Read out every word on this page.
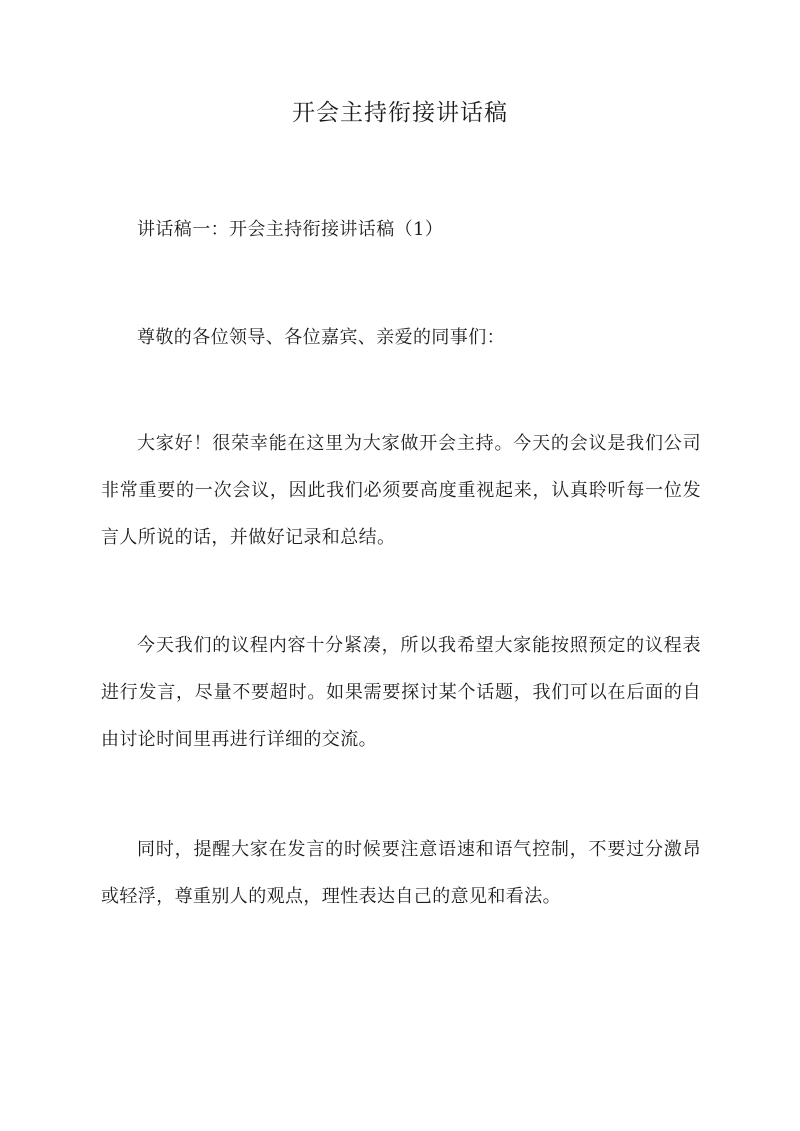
开会主持衔接讲话稿

讲话稿一：开会主持衔接讲话稿（1）

尊敬的各位领导、各位嘉宾、亲爱的同事们：

大家好！很荣幸能在这里为大家做开会主持。今天的会议是我们公司非常重要的一次会议，因此我们必须要高度重视起来，认真聆听每一位发言人所说的话，并做好记录和总结。

今天我们的议程内容十分紧凑，所以我希望大家能按照预定的议程表进行发言，尽量不要超时。如果需要探讨某个话题，我们可以在后面的自由讨论时间里再进行详细的交流。

同时，提醒大家在发言的时候要注意语速和语气控制，不要过分激昂或轻浮，尊重别人的观点，理性表达自己的意见和看法。
